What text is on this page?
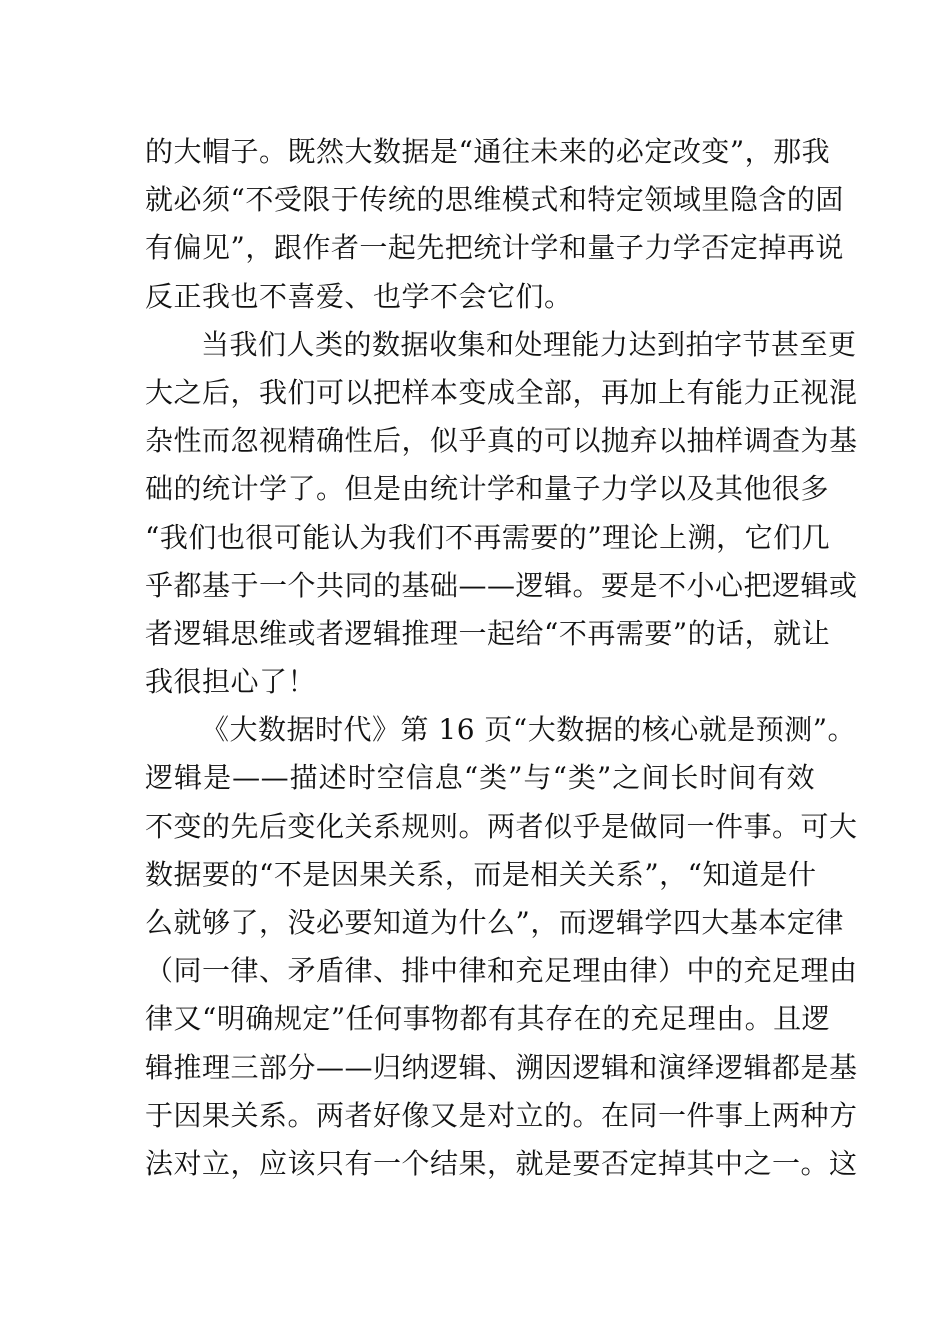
的大帽子。既然大数据是“通往未来的必定改变”，那我
就必须“不受限于传统的思维模式和特定领域里隐含的固
有偏见”，跟作者一起先把统计学和量子力学否定掉再说
反正我也不喜爱、也学不会它们。
当我们人类的数据收集和处理能力达到拍字节甚至更
大之后，我们可以把样本变成全部，再加上有能力正视混
杂性而忽视精确性后，似乎真的可以抛弃以抽样调查为基
础的统计学了。但是由统计学和量子力学以及其他很多
“我们也很可能认为我们不再需要的”理论上溯，它们几
乎都基于一个共同的基础——逻辑。要是不小心把逻辑或
者逻辑思维或者逻辑推理一起给“不再需要”的话，就让
我很担心了！
《大数据时代》第 16 页“大数据的核心就是预测”。
逻辑是——描述时空信息“类”与“类”之间长时间有效
不变的先后变化关系规则。两者似乎是做同一件事。可大
数据要的“不是因果关系，而是相关关系”，“知道是什
么就够了，没必要知道为什么”，而逻辑学四大基本定律
（同一律、矛盾律、排中律和充足理由律）中的充足理由
律又“明确规定”任何事物都有其存在的充足理由。且逻
辑推理三部分——归纳逻辑、溯因逻辑和演绎逻辑都是基
于因果关系。两者好像又是对立的。在同一件事上两种方
法对立，应该只有一个结果，就是要否定掉其中之一。这
